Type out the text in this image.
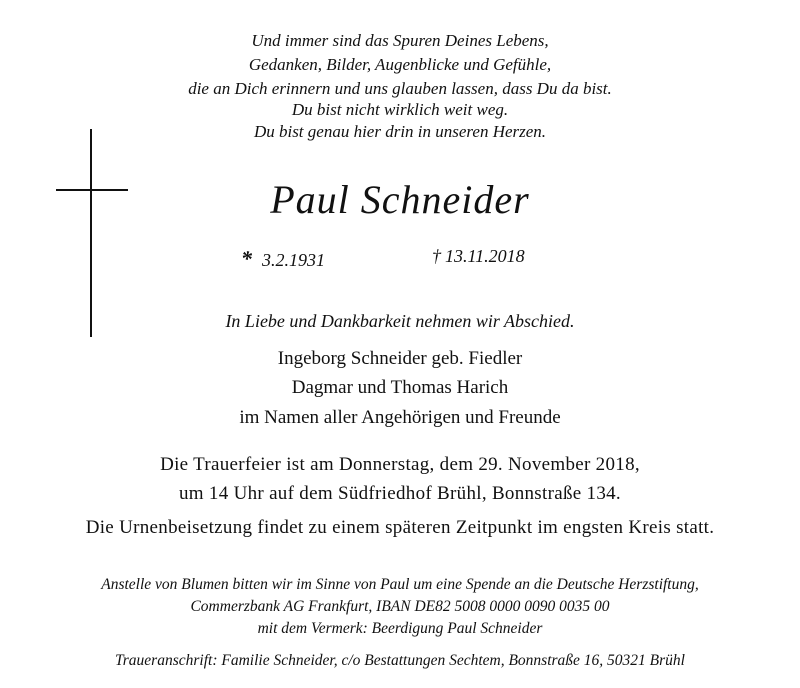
Und immer sind das Spuren Deines Lebens,
Gedanken, Bilder, Augenblicke und Gefühle,
die an Dich erinnern und uns glauben lassen, dass Du da bist.
Du bist nicht wirklich weit weg.
Du bist genau hier drin in unseren Herzen.
Paul Schneider
* 3.2.1931	† 13.11.2018
In Liebe und Dankbarkeit nehmen wir Abschied.
Ingeborg Schneider geb. Fiedler
Dagmar und Thomas Harich
im Namen aller Angehörigen und Freunde
Die Trauerfeier ist am Donnerstag, dem 29. November 2018,
um 14 Uhr auf dem Südfriedhof Brühl, Bonnstraße 134.
Die Urnenbeisetzung findet zu einem späteren Zeitpunkt im engsten Kreis statt.
Anstelle von Blumen bitten wir im Sinne von Paul um eine Spende an die Deutsche Herzstiftung,
Commerzbank AG Frankfurt, IBAN DE82 5008 0000 0090 0035 00
mit dem Vermerk: Beerdigung Paul Schneider
Traueranschrift: Familie Schneider, c/o Bestattungen Sechtem, Bonnstraße 16, 50321 Brühl
